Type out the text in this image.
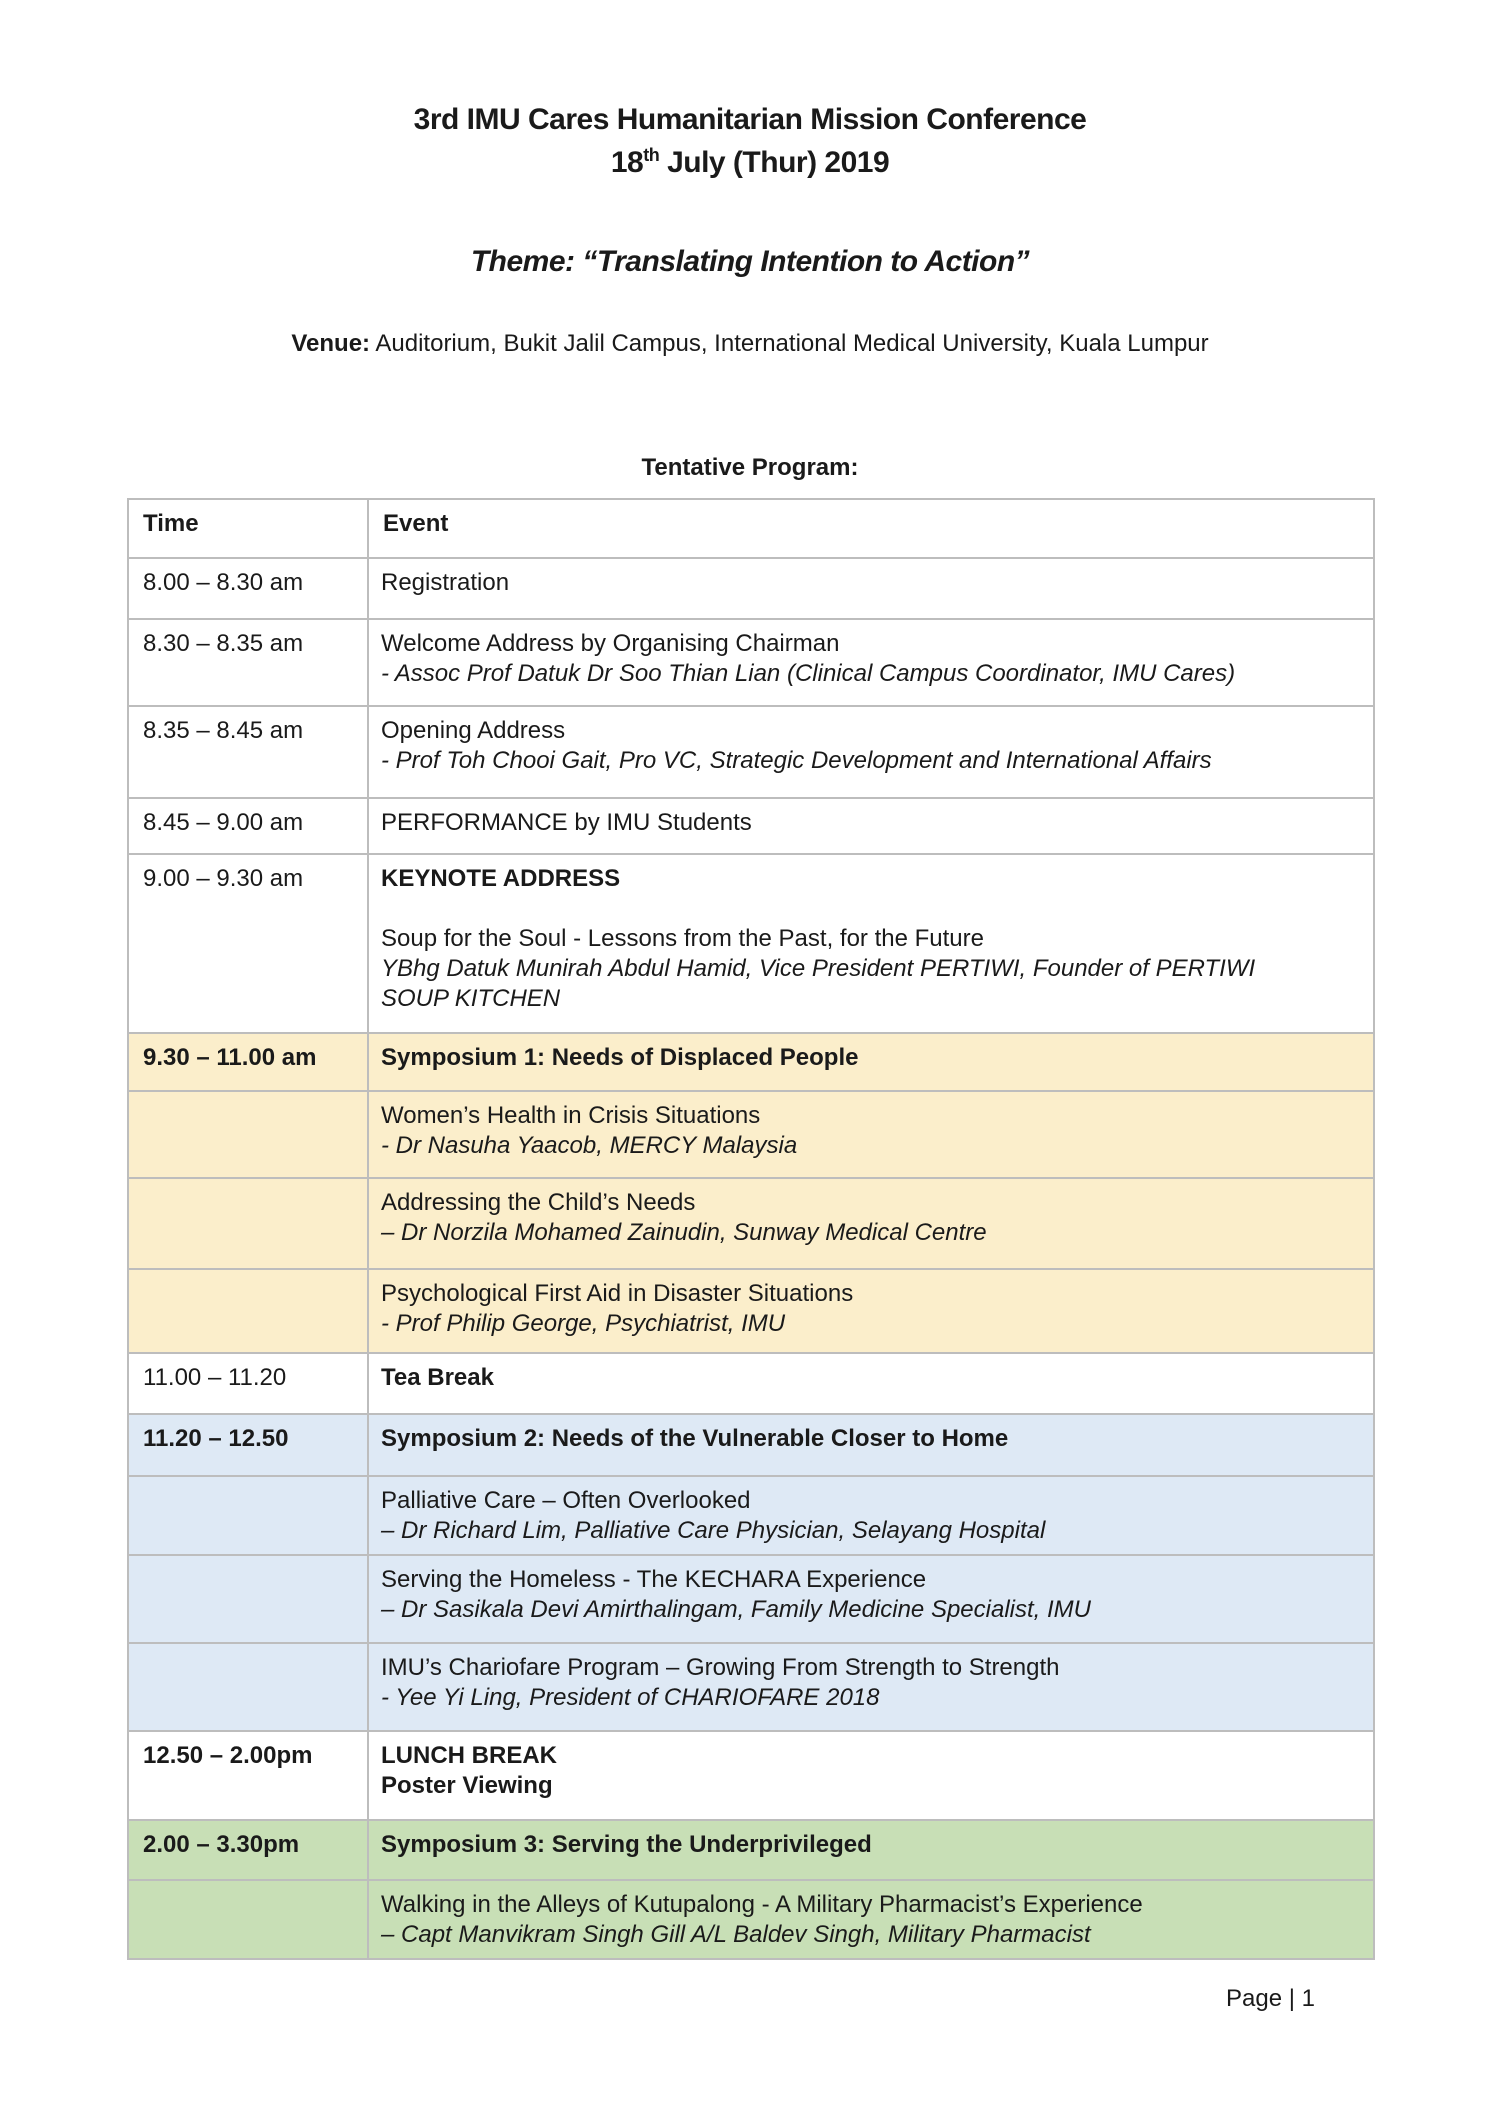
3rd IMU Cares Humanitarian Mission Conference
18th July (Thur) 2019
Theme: “Translating Intention to Action”
Venue: Auditorium, Bukit Jalil Campus, International Medical University, Kuala Lumpur
Tentative Program:
Time	Event
8.00 – 8.30 am	Registration

8.30 – 8.35 am	Welcome Address by Organising Chairman
- Assoc Prof Datuk Dr Soo Thian Lian (Clinical Campus Coordinator, IMU Cares)

8.35 – 8.45 am	Opening Address
- Prof Toh Chooi Gait, Pro VC, Strategic Development and International Affairs

8.45 – 9.00 am	PERFORMANCE by IMU Students

9.00 – 9.30 am	KEYNOTE ADDRESS
Soup for the Soul - Lessons from the Past, for the Future
YBhg Datuk Munirah Abdul Hamid, Vice President PERTIWI, Founder of PERTIWI
SOUP KITCHEN

9.30 – 11.00 am	Symposium 1: Needs of Displaced People

	Women’s Health in Crisis Situations
- Dr Nasuha Yaacob, MERCY Malaysia

	Addressing the Child’s Needs
– Dr Norzila Mohamed Zainudin, Sunway Medical Centre

	Psychological First Aid in Disaster Situations
- Prof Philip George, Psychiatrist, IMU

11.00 – 11.20	Tea Break

11.20 – 12.50	Symposium 2: Needs of the Vulnerable Closer to Home

	Palliative Care – Often Overlooked
– Dr Richard Lim, Palliative Care Physician, Selayang Hospital

	Serving the Homeless - The KECHARA Experience
– Dr Sasikala Devi Amirthalingam, Family Medicine Specialist, IMU

	IMU’s Chariofare Program – Growing From Strength to Strength
- Yee Yi Ling, President of CHARIOFARE 2018

12.50 – 2.00pm	LUNCH BREAK
Poster Viewing

2.00 – 3.30pm	Symposium 3: Serving the Underprivileged

	Walking in the Alleys of Kutupalong - A Military Pharmacist’s Experience
– Capt Manvikram Singh Gill A/L Baldev Singh, Military Pharmacist
Page | 1
